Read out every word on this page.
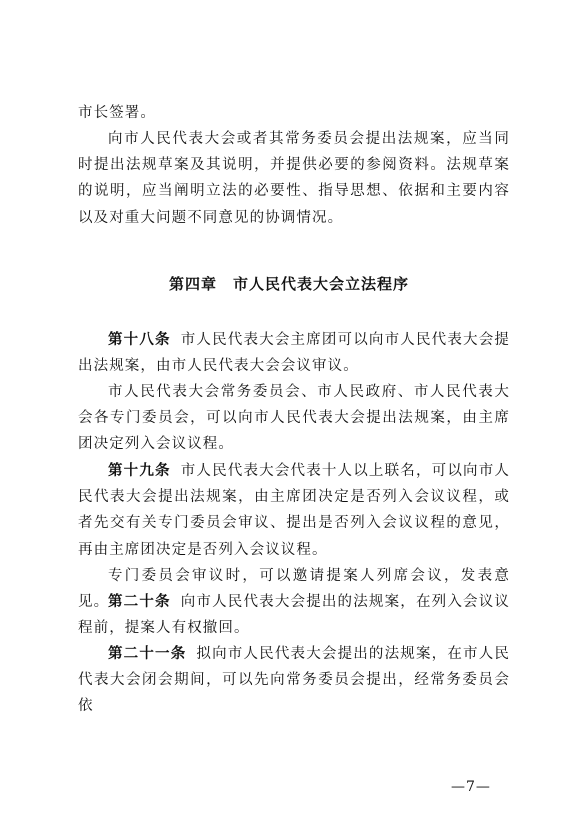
市长签署。

向市人民代表大会或者其常务委员会提出法规案，应当同时提出法规草案及其说明，并提供必要的参阅资料。法规草案的说明，应当阐明立法的必要性、指导思想、依据和主要内容以及对重大问题不同意见的协调情况。

第四章 市人民代表大会立法程序

第十八条 市人民代表大会主席团可以向市人民代表大会提出法规案，由市人民代表大会会议审议。

市人民代表大会常务委员会、市人民政府、市人民代表大会各专门委员会，可以向市人民代表大会提出法规案，由主席团决定列入会议议程。

第十九条 市人民代表大会代表十人以上联名，可以向市人民代表大会提出法规案，由主席团决定是否列入会议议程，或者先交有关专门委员会审议、提出是否列入会议议程的意见，再由主席团决定是否列入会议议程。

专门委员会审议时，可以邀请提案人列席会议，发表意见。

第二十条 向市人民代表大会提出的法规案，在列入会议议程前，提案人有权撤回。

第二十一条 拟向市人民代表大会提出的法规案，在市人民代表大会闭会期间，可以先向常务委员会提出，经常务委员会依

—7—
